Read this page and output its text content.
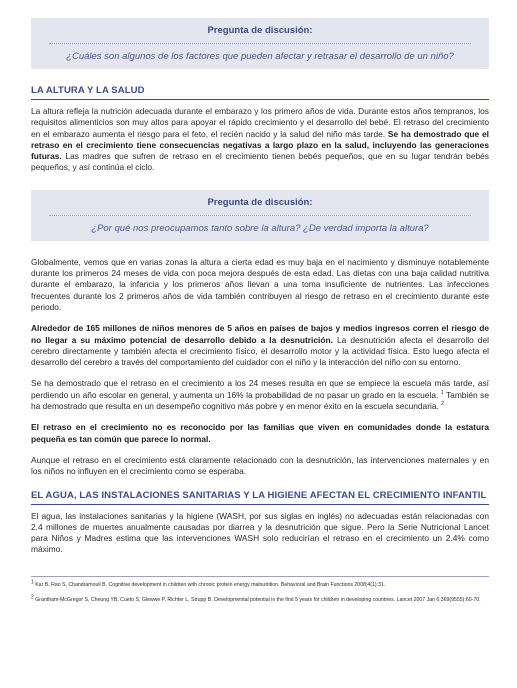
Pregunta de discusión:
¿Cuáles son algunos de los factores que pueden afectar y retrasar el desarrollo de un niño?
LA ALTURA Y LA SALUD

La altura refleja la nutrición adecuada durante el embarazo y los primero años de vida. Durante estos años tempranos, los requisitos alimenticios son muy altos para apoyar el rápido crecimiento y el desarrollo del bebé. El retraso del crecimiento en el embarazo aumenta el riesgo para el feto, el recién nacido y la salud del niño más tarde. Se ha demostrado que el retraso en el crecimiento tiene consecuencias negativas a largo plazo en la salud, incluyendo las generaciones futuras. Las madres que sufren de retraso en el crecimiento tienen bebés pequeños, que en su lugar tendrán bebés pequeños, y así continúa el ciclo.

Pregunta de discusión:
¿Por qué nos preocupamos tanto sobre la altura? ¿De verdad importa la altura?

Globalmente, vemos que en varias zonas la altura a cierta edad es muy baja en el nacimiento y disminuye notablemente durante los primeros 24 meses de vida con poca mejora después de esta edad. Las dietas con una baja calidad nutritiva durante el embarazo, la infancia y los primeros años llevan a una toma insuficiente de nutrientes. Las infecciones frecuentes durante los 2 primeros años de vida también contribuyen al riesgo de retraso en el crecimiento durante este periodo.

Alrededor de 165 millones de niños menores de 5 años en países de bajos y medios ingresos corren el riesgo de no llegar a su máximo potencial de desarrollo debido a la desnutrición. La desnutrición afecta el desarrollo del cerebro directamente y también afecta el crecimiento físico, el desarrollo motor y la actividad física. Esto luego afecta el desarrollo del cerebro a través del comportamiento del cuidador con el niño y la interacción del niño con su entorno.

Se ha demostrado que el retraso en el crecimiento a los 24 meses resulta en que se empiece la escuela más tarde, así perdiendo un año escolar en general, y aumenta un 16% la probabilidad de no pasar un grado en la escuela. $^1$ También se ha demostrado que resulta en un desempeño cognitivo más pobre y en menor éxito en la escuela secundaria. $^2$

El retraso en el crecimiento no es reconocido por las familias que viven en comunidades donde la estatura pequeña es tan común que parece lo normal.

Aunque el retraso en el crecimiento está claramente relacionado con la desnutrición, las intervenciones maternales y en los niños no influyen en el crecimiento como se esperaba.

EL AGUA, LAS INSTALACIONES SANITARIAS Y LA HIGIENE AFECTAN EL CRECIMIENTO INFANTIL

El agua, las instalaciones sanitarias y la higiene (WASH, por sus siglas en inglés) no adecuadas están relacionadas con 2.4 millones de muertes anualmente causadas por diarrea y la desnutrición que sigue. Pero la Serie Nutricional Lancet para Niños y Madres estima que las intervenciones WASH solo reducirían el retraso en el crecimiento un 2.4% como máximo.

$^1$ Kar B, Rao S, Chandramouli B. Cognitive development in children with chronic protein energy malnutrition. Behavioral and Brain Functions 2008;4(1):31.

$^2$ Grantham-McGregor S, Cheung YB, Cueto S, Glewwe P, Richter L, Strupp B. Developmental potential in the first 5 years for children in developing countries. Lancet 2007 Jan 6;369(9555):60-70.
